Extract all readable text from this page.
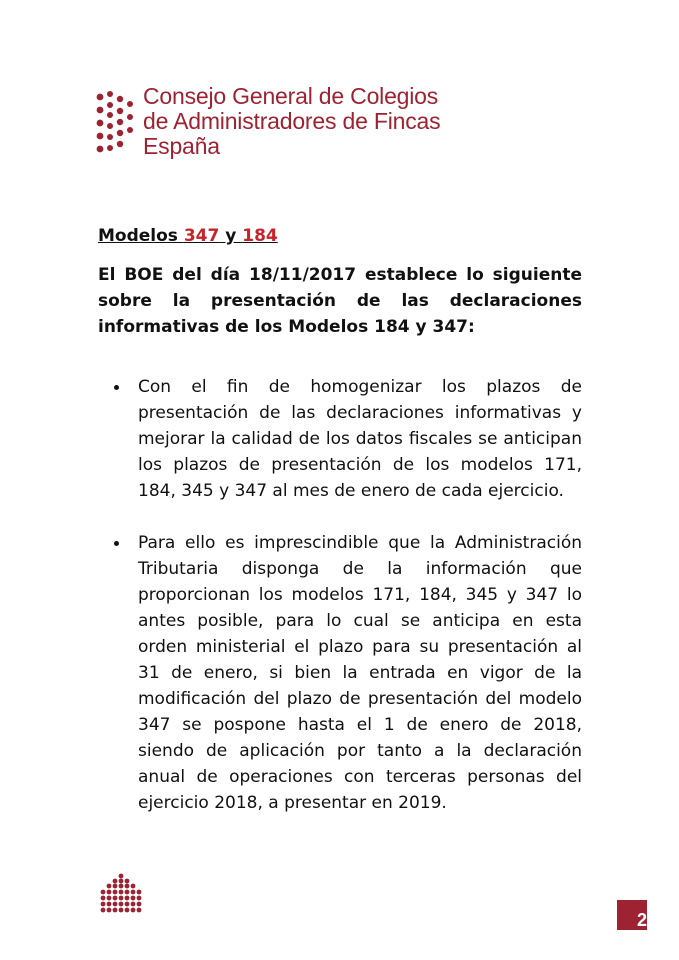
Consejo General de Colegios
de Administradores de Fincas
España
Modelos 347 y 184
El BOE del día 18/11/2017 establece lo siguiente sobre la presentación de las declaraciones informativas de los Modelos 184 y 347:
Con el fin de homogenizar los plazos de presentación de las declaraciones informativas y mejorar la calidad de los datos fiscales se anticipan los plazos de presentación de los modelos 171, 184, 345 y 347 al mes de enero de cada ejercicio.
Para ello es imprescindible que la Administración Tributaria disponga de la información que proporcionan los modelos 171, 184, 345 y 347 lo antes posible, para lo cual se anticipa en esta orden ministerial el plazo para su presentación al 31 de enero, si bien la entrada en vigor de la modificación del plazo de presentación del modelo 347 se pospone hasta el 1 de enero de 2018, siendo de aplicación por tanto a la declaración anual de operaciones con terceras personas del ejercicio 2018, a presentar en 2019.
2
